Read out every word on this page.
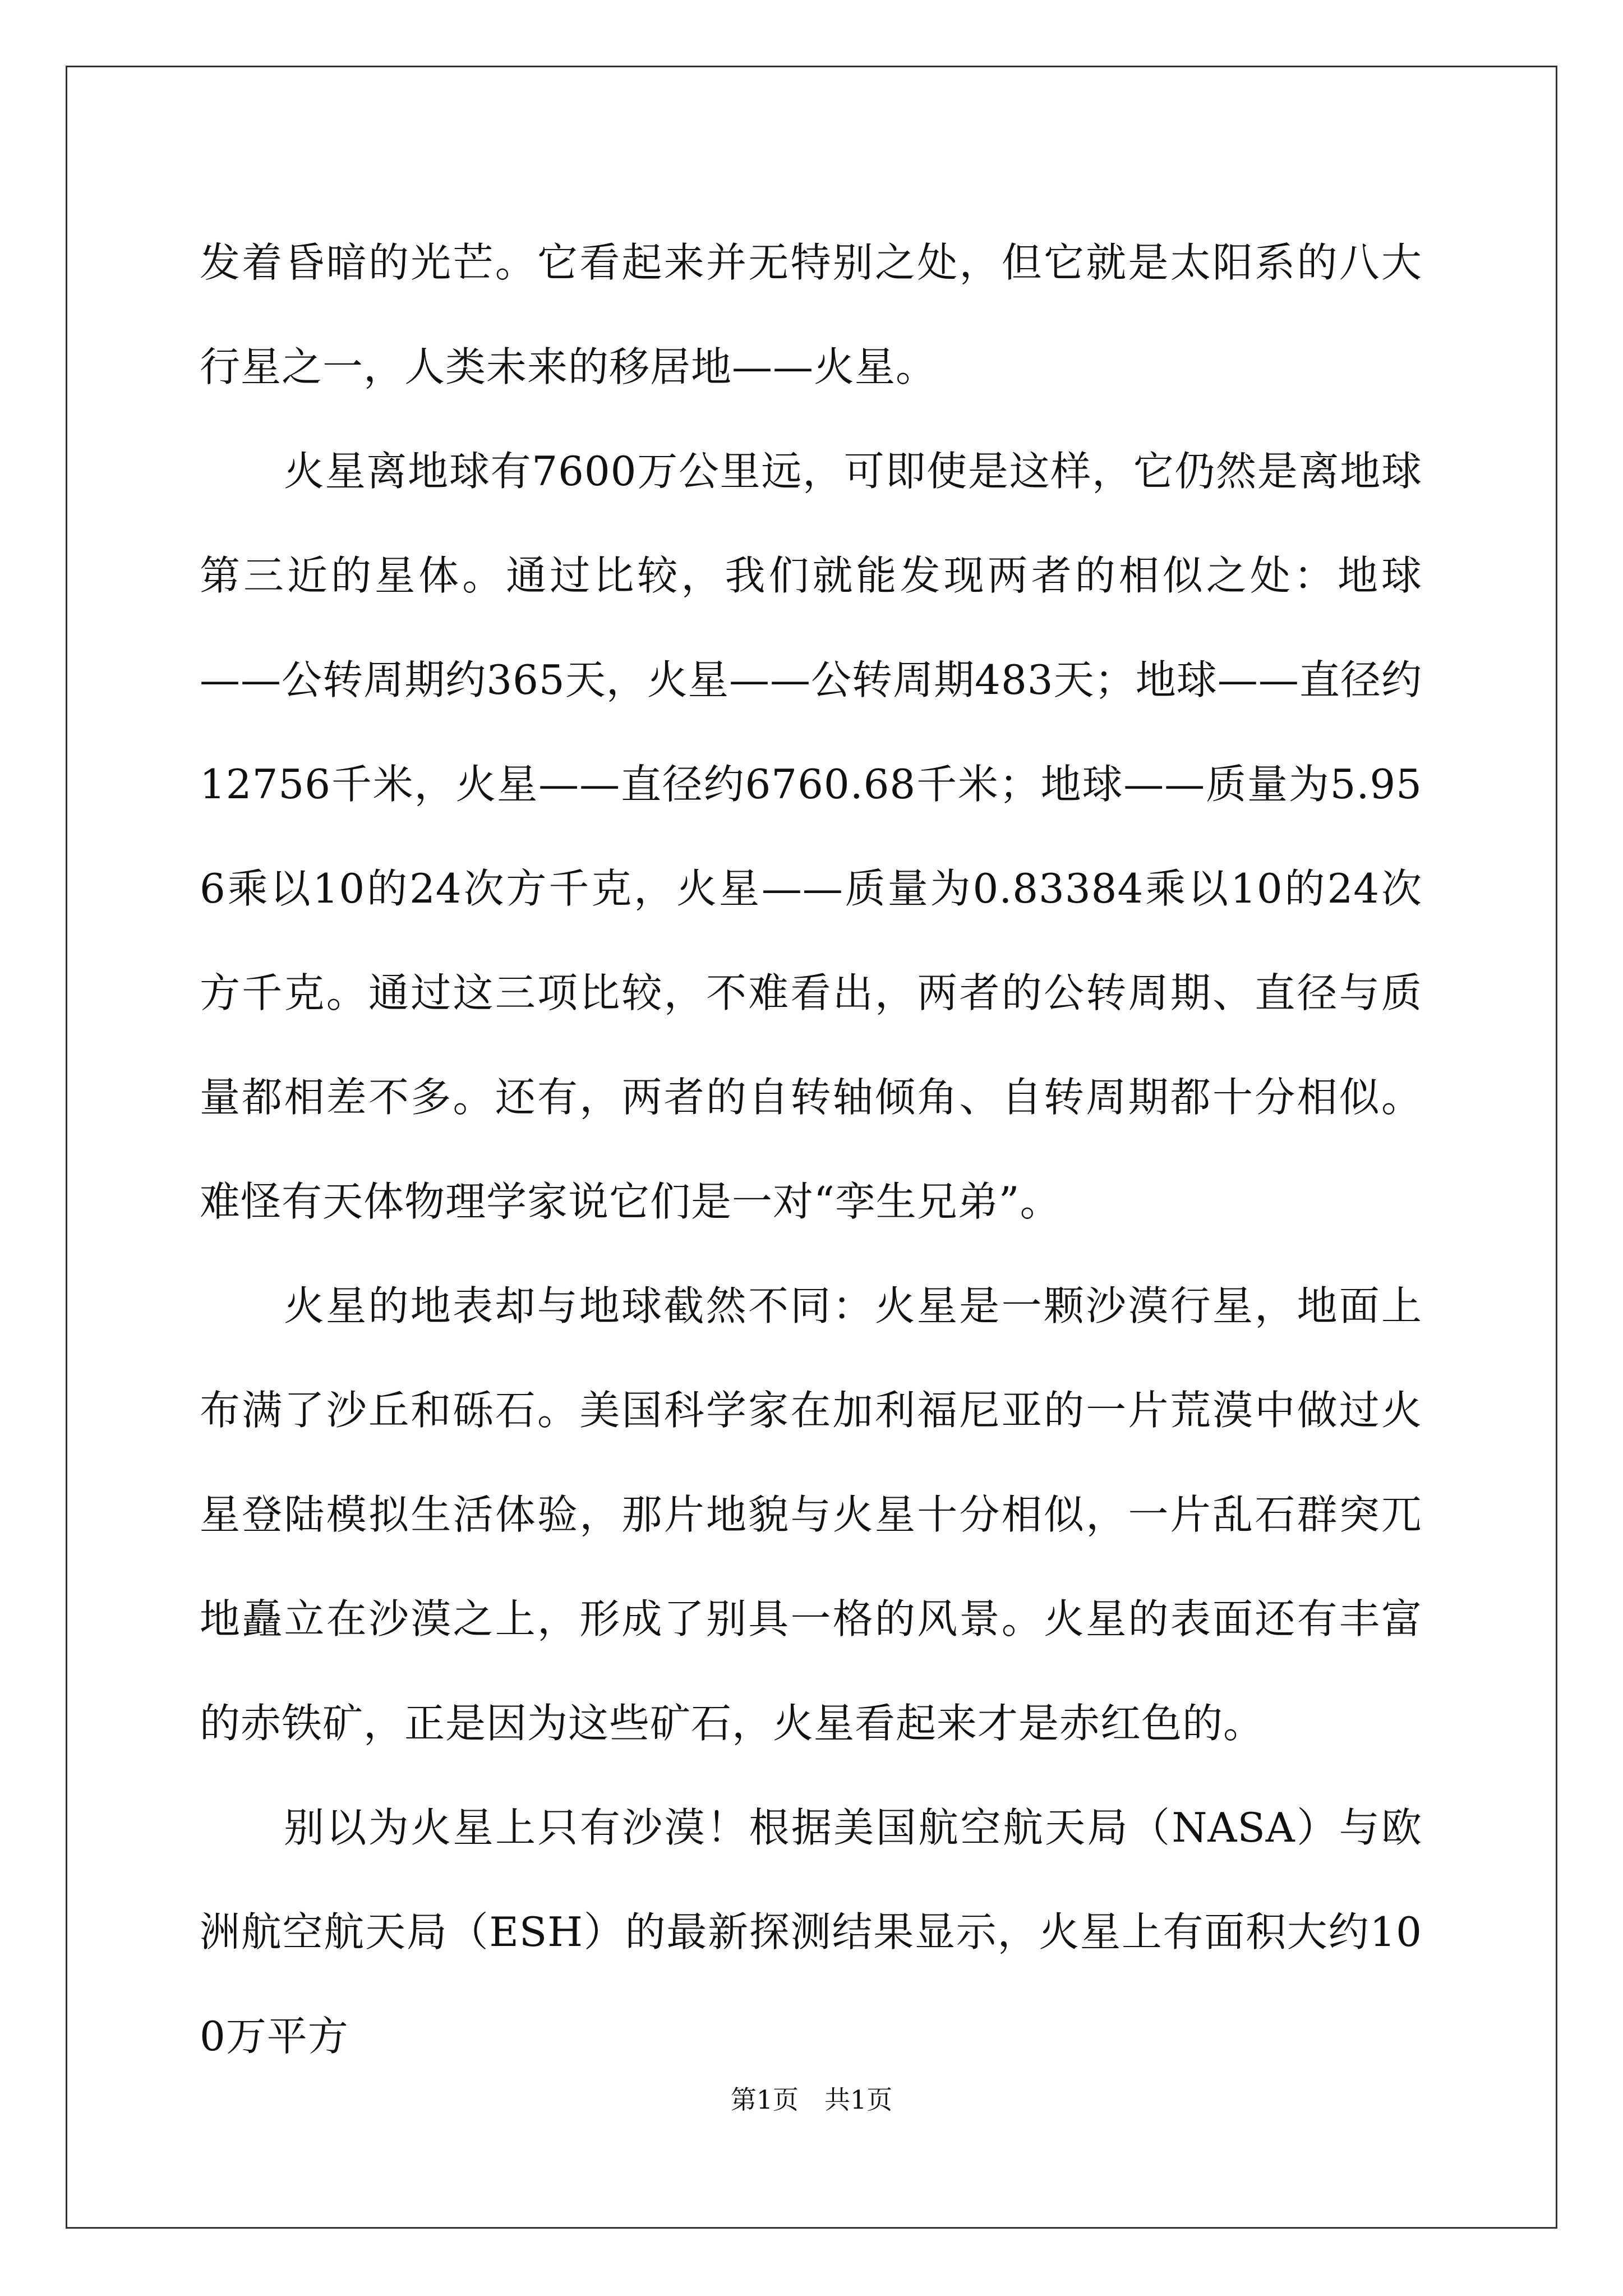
发着昏暗的光芒。它看起来并无特别之处，但它就是太阳系的八大行星之一，人类未来的移居地——火星。

火星离地球有7600万公里远，可即使是这样，它仍然是离地球第三近的星体。通过比较，我们就能发现两者的相似之处：地球——公转周期约365天，火星——公转周期483天；地球——直径约12756千米，火星——直径约6760.68千米；地球——质量为5.956乘以10的24次方千克，火星——质量为0.83384乘以10的24次方千克。通过这三项比较，不难看出，两者的公转周期、直径与质量都相差不多。还有，两者的自转轴倾角、自转周期都十分相似。难怪有天体物理学家说它们是一对“孪生兄弟”。

火星的地表却与地球截然不同：火星是一颗沙漠行星，地面上布满了沙丘和砾石。美国科学家在加利福尼亚的一片荒漠中做过火星登陆模拟生活体验，那片地貌与火星十分相似，一片乱石群突兀地矗立在沙漠之上，形成了别具一格的风景。火星的表面还有丰富的赤铁矿，正是因为这些矿石，火星看起来才是赤红色的。

别以为火星上只有沙漠！根据美国航空航天局（NASA）与欧洲航空航天局（ESH）的最新探测结果显示，火星上有面积大约100万平方

第1页　共1页
